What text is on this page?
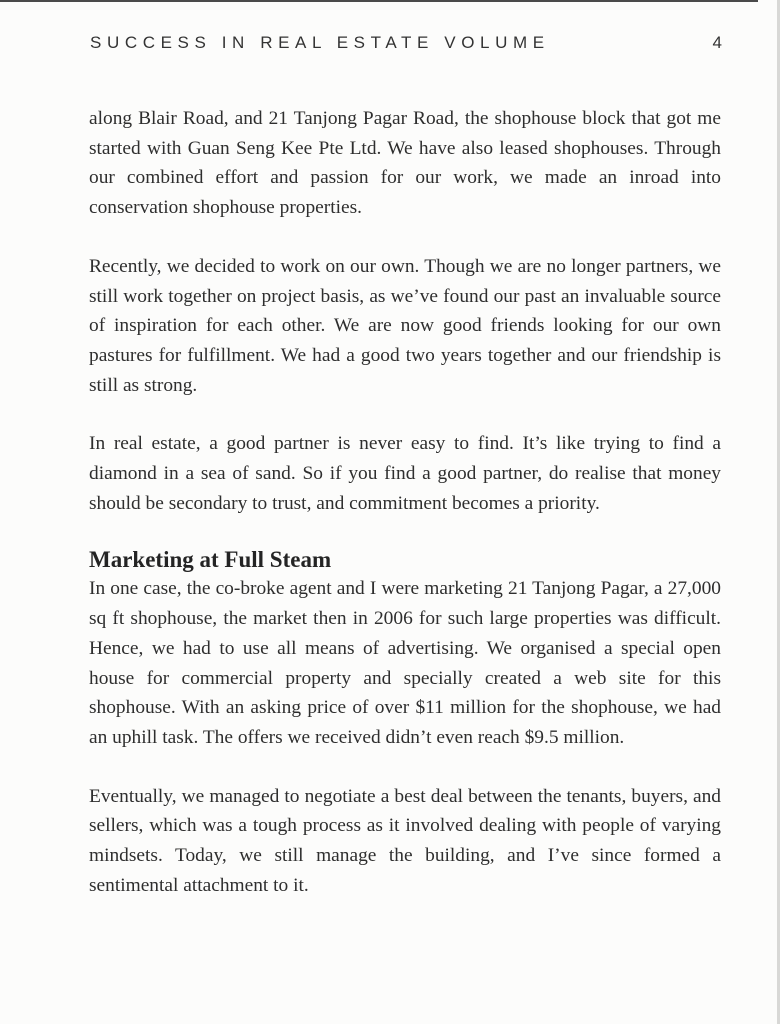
SUCCESS IN REAL ESTATE VOLUME	4

along Blair Road, and 21 Tanjong Pagar Road, the shophouse block that got me started with Guan Seng Kee Pte Ltd. We have also leased shophouses. Through our combined effort and passion for our work, we made an inroad into conservation shophouse properties.

Recently, we decided to work on our own. Though we are no longer partners, we still work together on project basis, as we’ve found our past an invaluable source of inspiration for each other. We are now good friends looking for our own pastures for fulfillment. We had a good two years together and our friendship is still as strong.

In real estate, a good partner is never easy to find. It’s like trying to find a diamond in a sea of sand. So if you find a good partner, do realise that money should be secondary to trust, and commitment becomes a priority.

Marketing at Full Steam

In one case, the co-broke agent and I were marketing 21 Tanjong Pagar, a 27,000 sq ft shophouse, the market then in 2006 for such large properties was difficult. Hence, we had to use all means of advertising. We organised a special open house for commercial property and specially created a web site for this shophouse. With an asking price of over $11 million for the shophouse, we had an uphill task. The offers we received didn’t even reach $9.5 million.

Eventually, we managed to negotiate a best deal between the tenants, buyers, and sellers, which was a tough process as it involved dealing with people of varying mindsets. Today, we still manage the building, and I’ve since formed a sentimental attachment to it.
